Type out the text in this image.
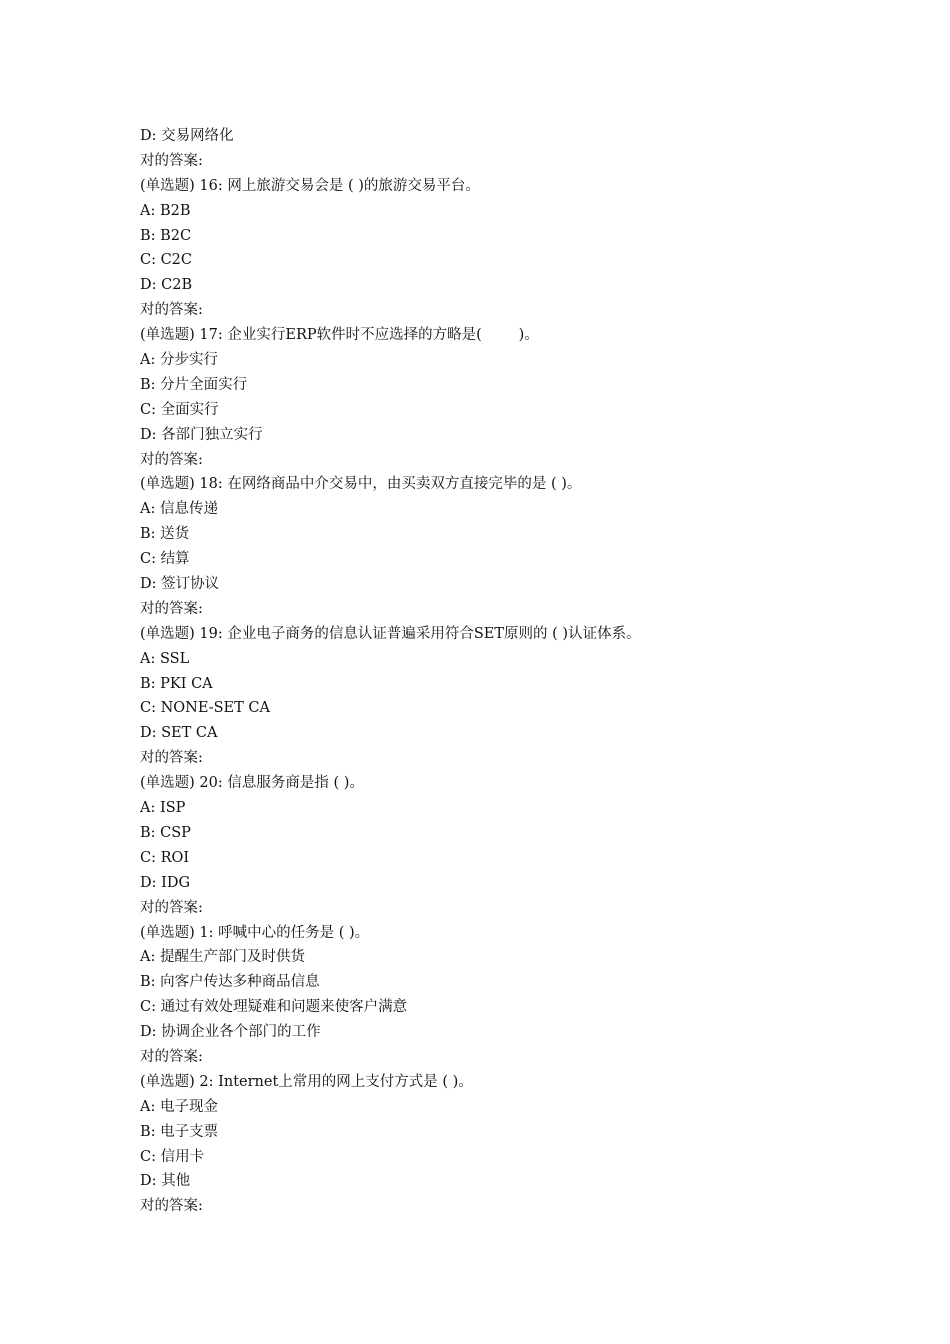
D: 交易网络化
对的答案:
(单选题) 16: 网上旅游交易会是 ( )的旅游交易平台。
A: B2B
B: B2C
C: C2C
D: C2B
对的答案:
(单选题) 17: 企业实行ERP软件时不应选择的方略是(        )。
A: 分步实行
B: 分片全面实行
C: 全面实行
D: 各部门独立实行
对的答案:
(单选题) 18: 在网络商品中介交易中，由买卖双方直接完毕的是 ( )。
A: 信息传递
B: 送货
C: 结算
D: 签订协议
对的答案:
(单选题) 19: 企业电子商务的信息认证普遍采用符合SET原则的 ( )认证体系。
A: SSL
B: PKI CA
C: NONE-SET CA
D: SET CA
对的答案:
(单选题) 20: 信息服务商是指 ( )。
A: ISP
B: CSP
C: ROI
D: IDG
对的答案:
(单选题) 1: 呼喊中心的任务是 ( )。
A: 提醒生产部门及时供货
B: 向客户传达多种商品信息
C: 通过有效处理疑难和问题来使客户满意
D: 协调企业各个部门的工作
对的答案:
(单选题) 2: Internet上常用的网上支付方式是 ( )。
A: 电子现金
B: 电子支票
C: 信用卡
D: 其他
对的答案:
